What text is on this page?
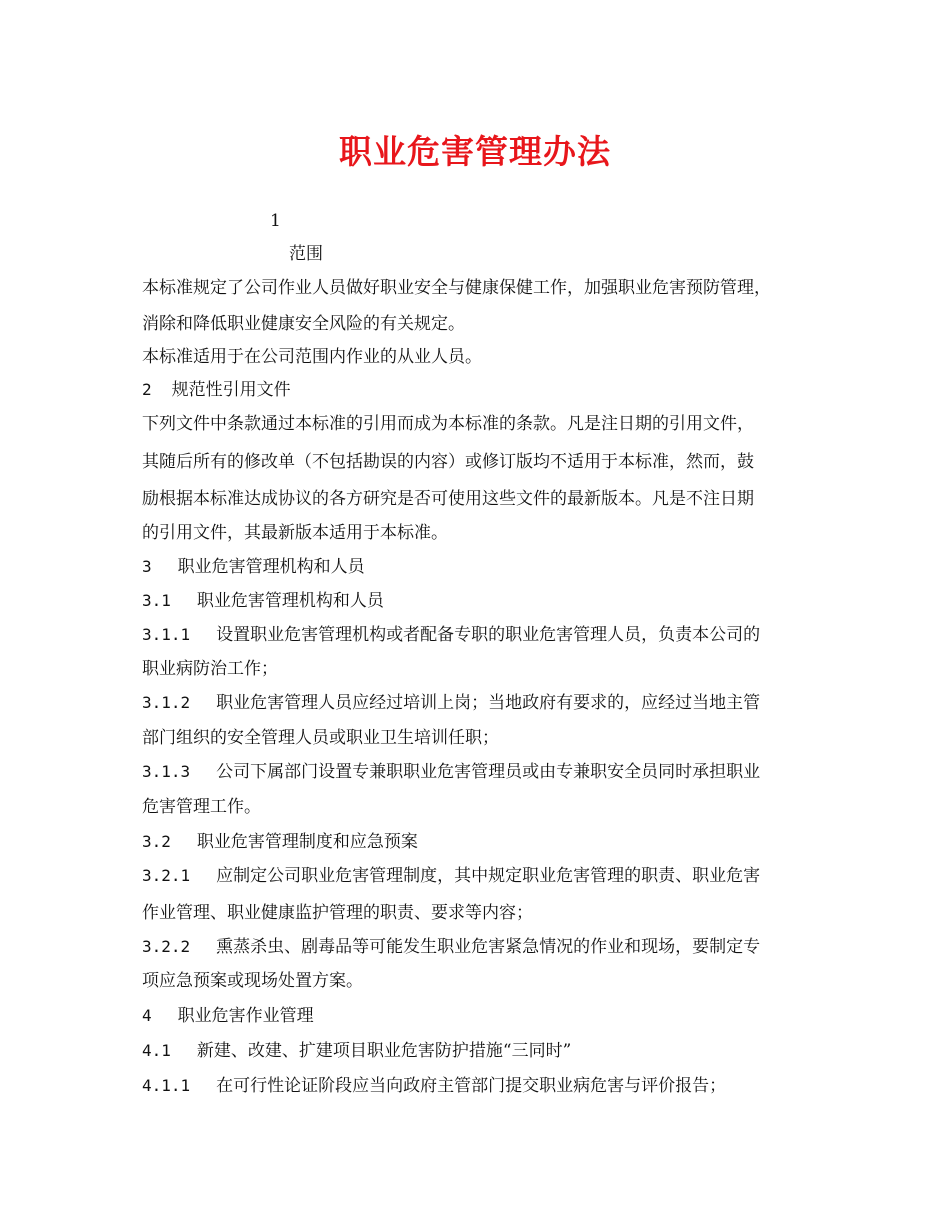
职业危害管理办法
1
范围
本标准规定了公司作业人员做好职业安全与健康保健工作，加强职业危害预防管理，
消除和降低职业健康安全风险的有关规定。
本标准适用于在公司范围内作业的从业人员。
2 规范性引用文件
下列文件中条款通过本标准的引用而成为本标准的条款。凡是注日期的引用文件，
其随后所有的修改单（不包括勘误的内容）或修订版均不适用于本标准，然而，鼓
励根据本标准达成协议的各方研究是否可使用这些文件的最新版本。凡是不注日期
的引用文件，其最新版本适用于本标准。
3 职业危害管理机构和人员
3.1 职业危害管理机构和人员
3.1.1 设置职业危害管理机构或者配备专职的职业危害管理人员，负责本公司的
职业病防治工作；
3.1.2 职业危害管理人员应经过培训上岗；当地政府有要求的，应经过当地主管
部门组织的安全管理人员或职业卫生培训任职；
3.1.3 公司下属部门设置专兼职职业危害管理员或由专兼职安全员同时承担职业
危害管理工作。
3.2 职业危害管理制度和应急预案
3.2.1 应制定公司职业危害管理制度，其中规定职业危害管理的职责、职业危害
作业管理、职业健康监护管理的职责、要求等内容；
3.2.2 熏蒸杀虫、剧毒品等可能发生职业危害紧急情况的作业和现场，要制定专
项应急预案或现场处置方案。
4 职业危害作业管理
4.1 新建、改建、扩建项目职业危害防护措施“三同时”
4.1.1 在可行性论证阶段应当向政府主管部门提交职业病危害与评价报告；
